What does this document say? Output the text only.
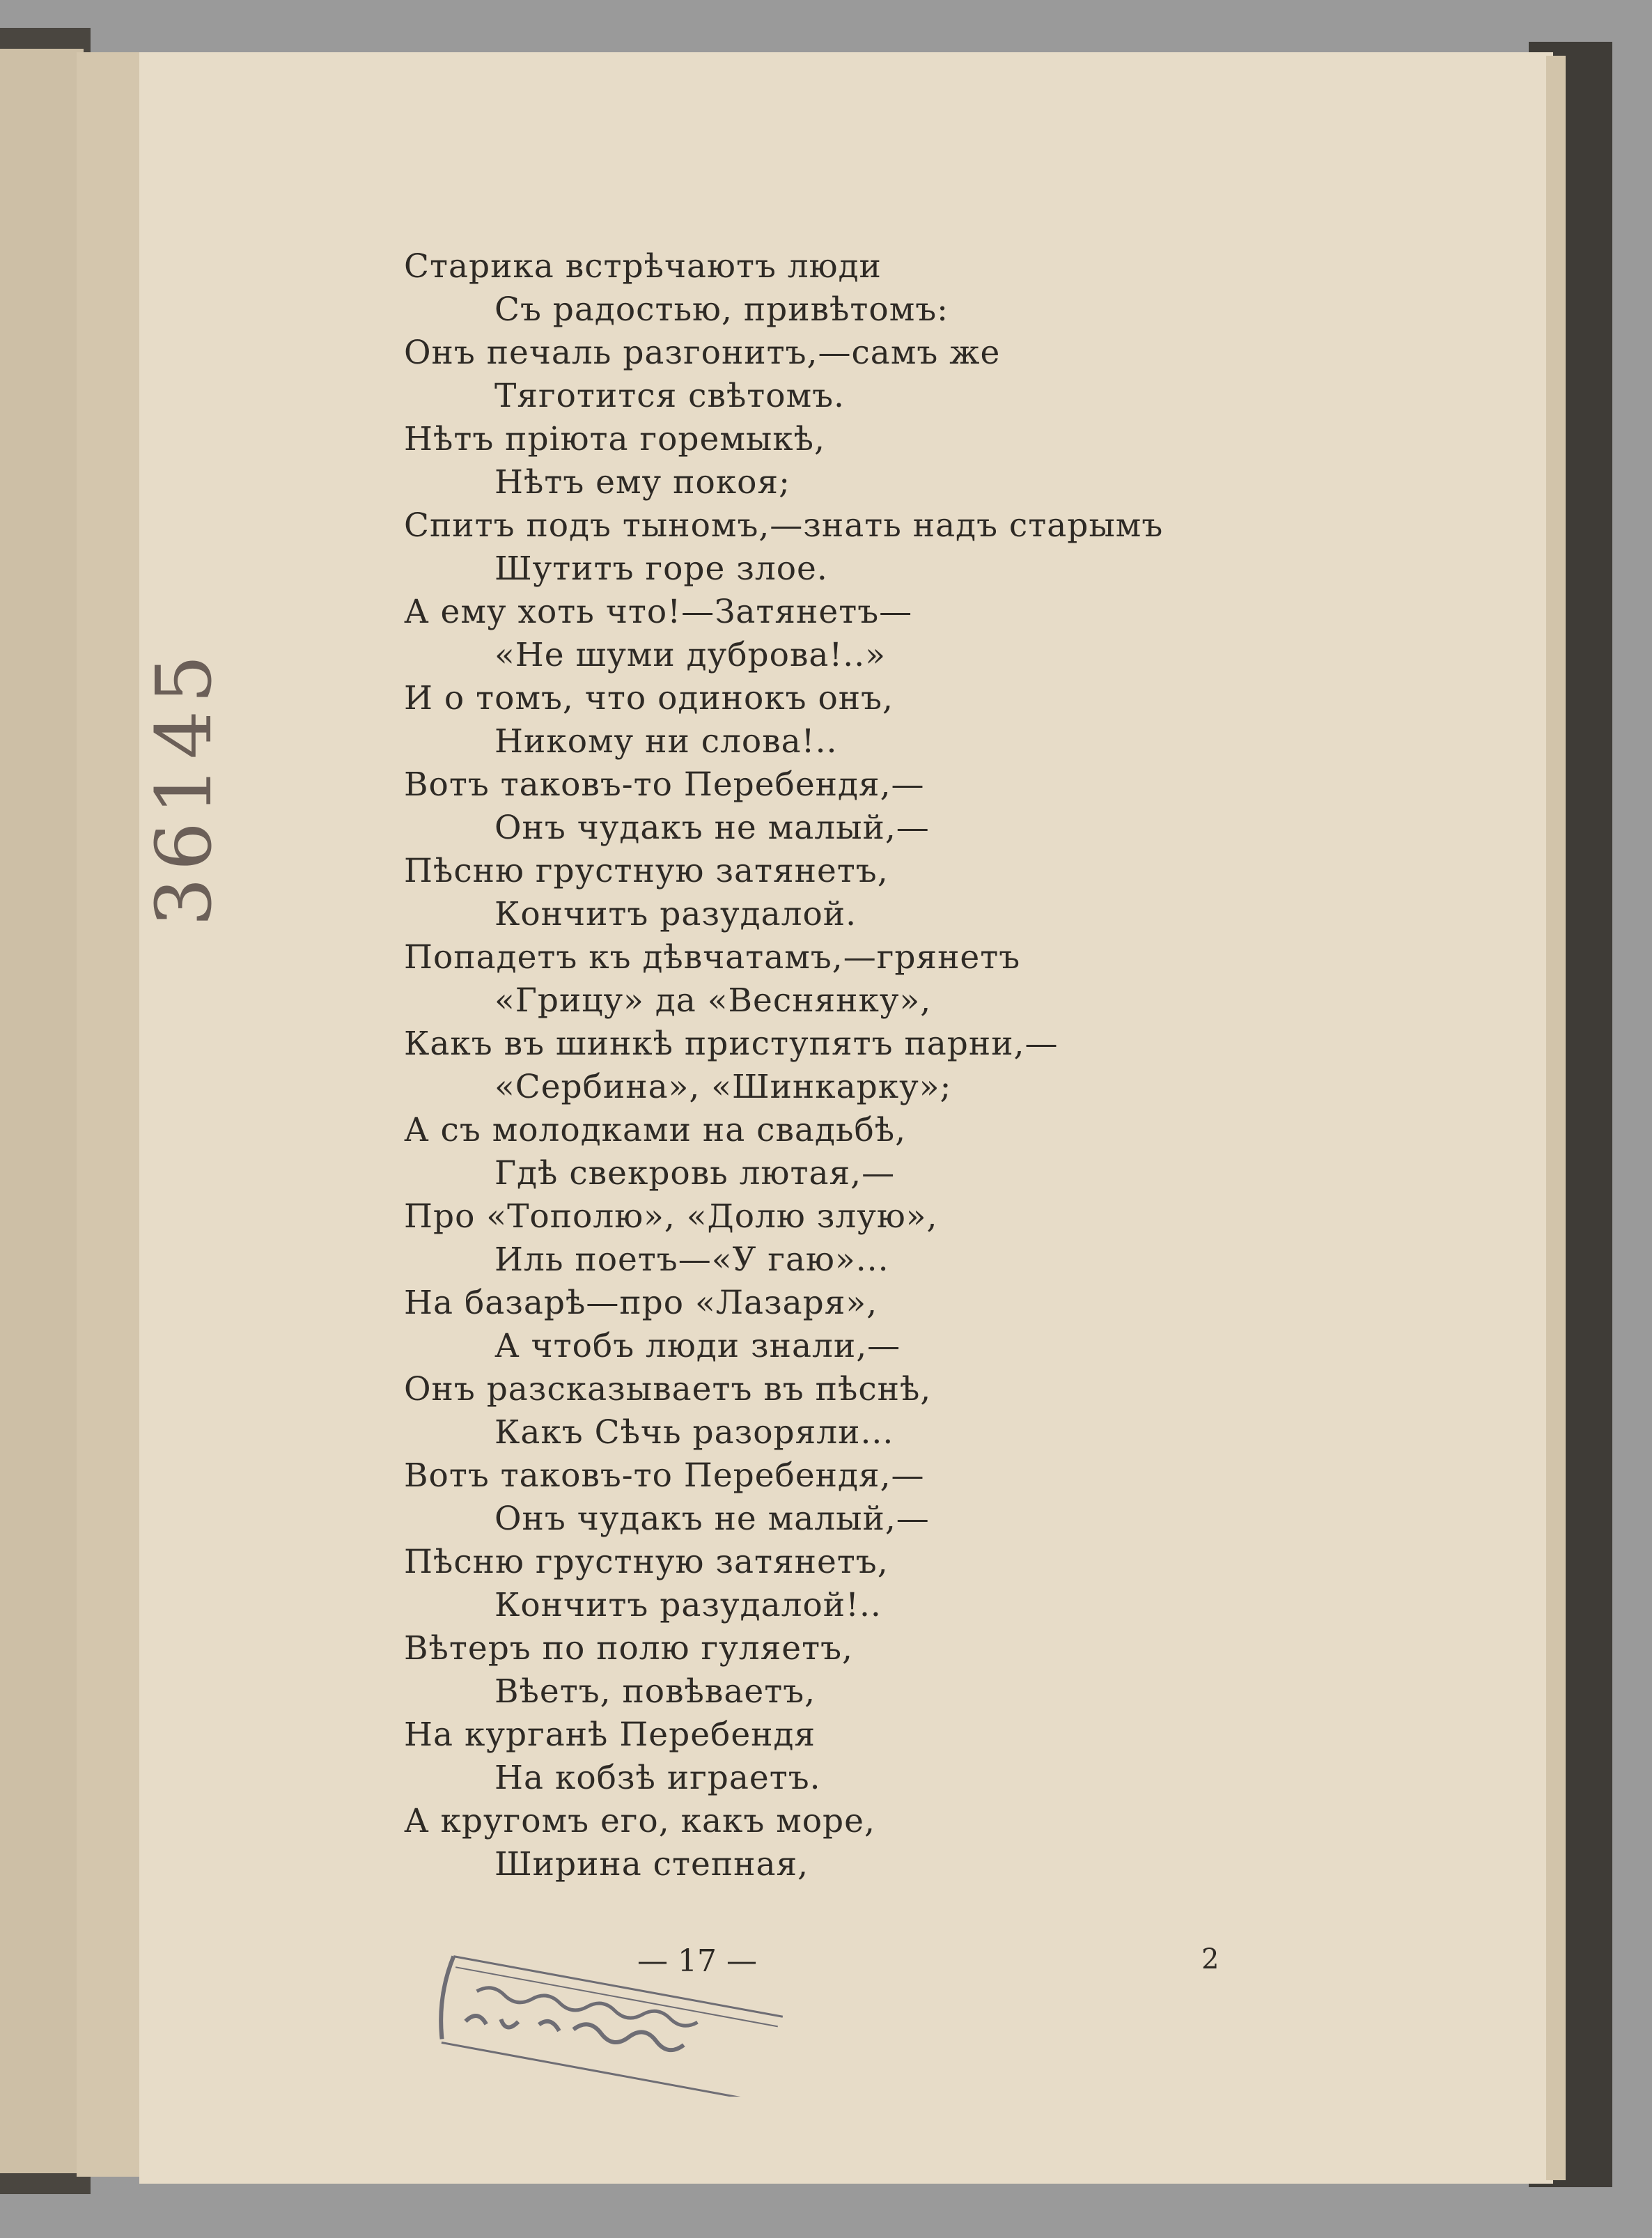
36145
Старика встрѣчаютъ люди
Съ радостью, привѣтомъ:
Онъ печаль разгонитъ,—самъ же
Тяготится свѣтомъ.
Нѣтъ пріюта горемыкѣ,
Нѣтъ ему покоя;
Спитъ подъ тыномъ,—знать надъ старымъ
Шутитъ горе злое.
А ему хоть что!—Затянетъ—
«Не шуми дуброва!..»
И о томъ, что одинокъ онъ,
Никому ни слова!..
Вотъ таковъ-то Перебендя,—
Онъ чудакъ не малый,—
Пѣсню грустную затянетъ,
Кончитъ разудалой.
Попадетъ къ дѣвчатамъ,—грянетъ
«Грицу» да «Веснянку»,
Какъ въ шинкѣ приступятъ парни,—
«Сербина», «Шинкарку»;
А съ молодками на свадьбѣ,
Гдѣ свекровь лютая,—
Про «Тополю», «Долю злую»,
Иль поетъ—«У гаю»...
На базарѣ—про «Лазаря»,
А чтобъ люди знали,—
Онъ разсказываетъ въ пѣснѣ,
Какъ Сѣчь разоряли...
Вотъ таковъ-то Перебендя,—
Онъ чудакъ не малый,—
Пѣсню грустную затянетъ,
Кончитъ разудалой!..
Вѣтеръ по полю гуляетъ,
Вѣетъ, повѣваетъ,
На курганѣ Перебендя
На кобзѣ играетъ.
А кругомъ его, какъ море,
Ширина степная,
— 17 —	2
